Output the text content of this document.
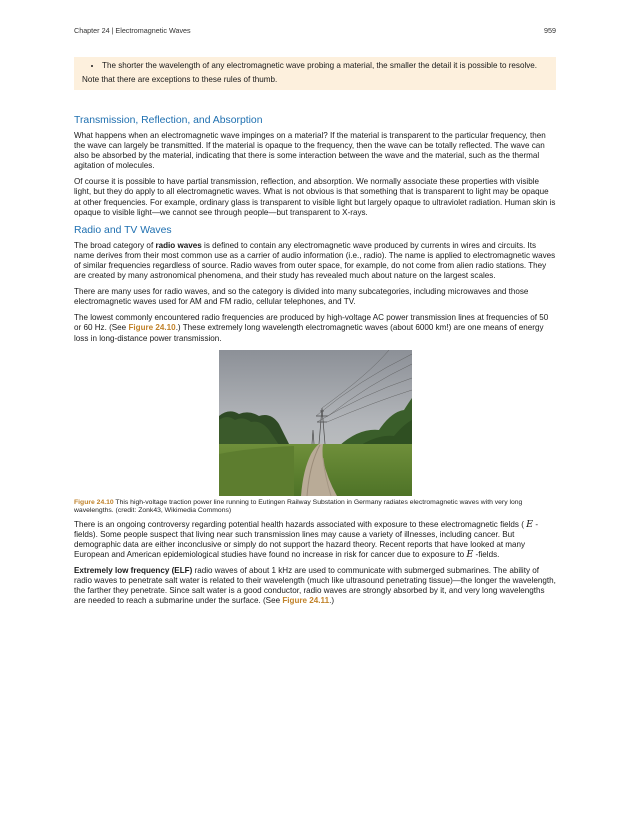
Chapter 24 | Electromagnetic Waves	959
• The shorter the wavelength of any electromagnetic wave probing a material, the smaller the detail it is possible to resolve.

Note that there are exceptions to these rules of thumb.

Transmission, Reflection, and Absorption

What happens when an electromagnetic wave impinges on a material? If the material is transparent to the particular frequency, then the wave can largely be transmitted. If the material is opaque to the frequency, then the wave can be totally reflected. The wave can also be absorbed by the material, indicating that there is some interaction between the wave and the material, such as the thermal agitation of molecules.

Of course it is possible to have partial transmission, reflection, and absorption. We normally associate these properties with visible light, but they do apply to all electromagnetic waves. What is not obvious is that something that is transparent to light may be opaque at other frequencies. For example, ordinary glass is transparent to visible light but largely opaque to ultraviolet radiation. Human skin is opaque to visible light—we cannot see through people—but transparent to X-rays.

Radio and TV Waves

The broad category of radio waves is defined to contain any electromagnetic wave produced by currents in wires and circuits. Its name derives from their most common use as a carrier of audio information (i.e., radio). The name is applied to electromagnetic waves of similar frequencies regardless of source. Radio waves from outer space, for example, do not come from alien radio stations. They are created by many astronomical phenomena, and their study has revealed much about nature on the largest scales.

There are many uses for radio waves, and so the category is divided into many subcategories, including microwaves and those electromagnetic waves used for AM and FM radio, cellular telephones, and TV.

The lowest commonly encountered radio frequencies are produced by high-voltage AC power transmission lines at frequencies of 50 or 60 Hz. (See Figure 24.10.) These extremely long wavelength electromagnetic waves (about 6000 km!) are one means of energy loss in long-distance power transmission.

Figure 24.10 This high-voltage traction power line running to Eutingen Railway Substation in Germany radiates electromagnetic waves with very long wavelengths. (credit: Zonk43, Wikimedia Commons)

There is an ongoing controversy regarding potential health hazards associated with exposure to these electromagnetic fields ( E -fields). Some people suspect that living near such transmission lines may cause a variety of illnesses, including cancer. But demographic data are either inconclusive or simply do not support the hazard theory. Recent reports that have looked at many European and American epidemiological studies have found no increase in risk for cancer due to exposure to E -fields.

Extremely low frequency (ELF) radio waves of about 1 kHz are used to communicate with submerged submarines. The ability of radio waves to penetrate salt water is related to their wavelength (much like ultrasound penetrating tissue)—the longer the wavelength, the farther they penetrate. Since salt water is a good conductor, radio waves are strongly absorbed by it, and very long wavelengths are needed to reach a submarine under the surface. (See Figure 24.11.)
